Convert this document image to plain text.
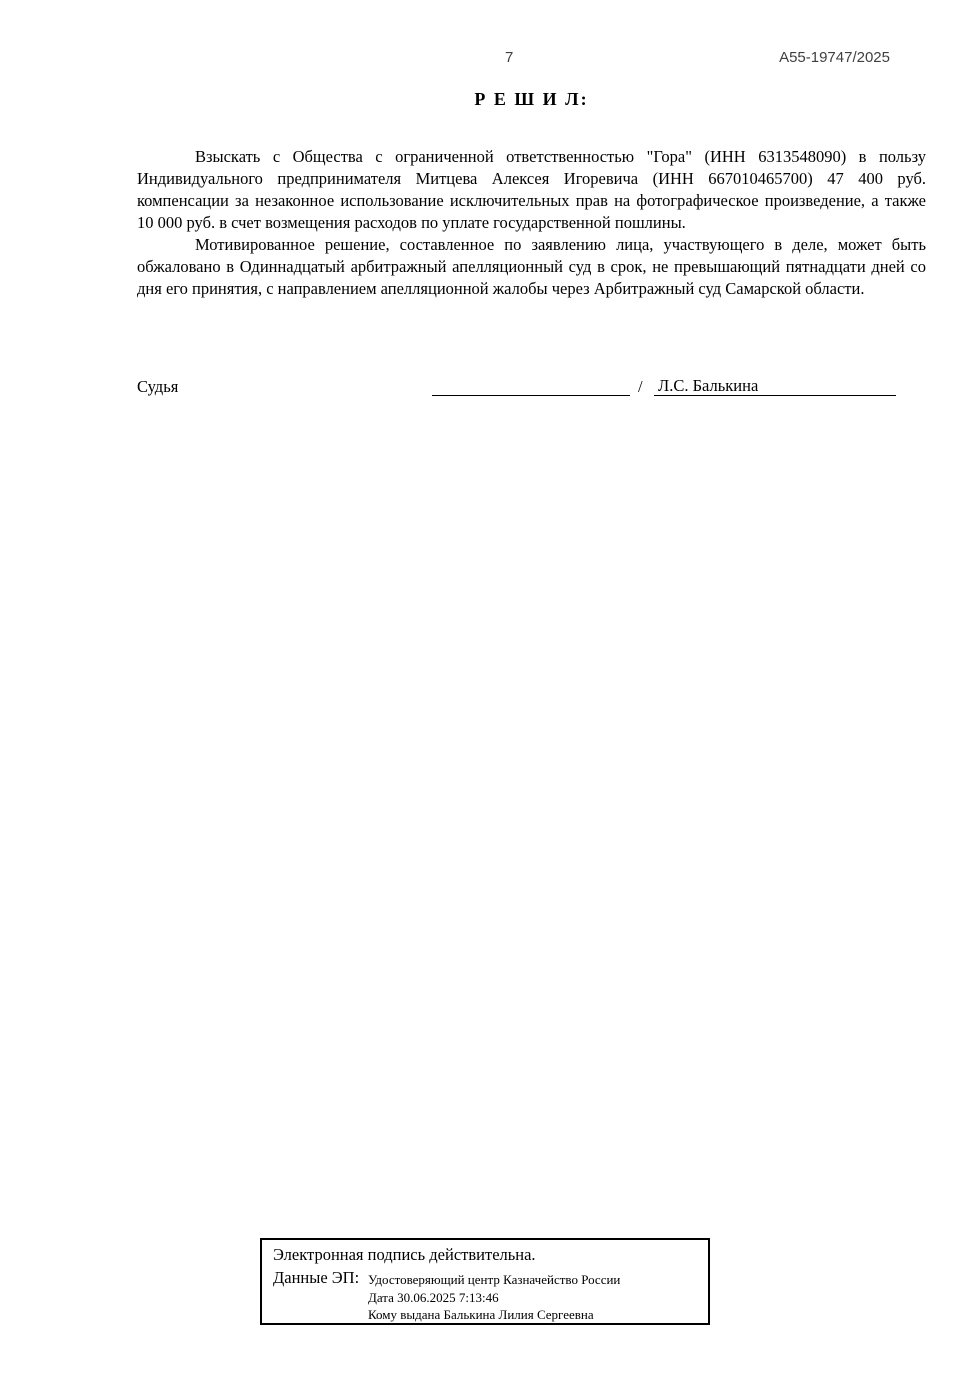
7	А55-19747/2025
Р Е Ш И Л:

Взыскать с Общества с ограниченной ответственностью "Гора" (ИНН 6313548090) в пользу Индивидуального предпринимателя Митцева Алексея Игоревича (ИНН 667010465700) 47 400 руб. компенсации за незаконное использование исключительных прав на фотографическое произведение, а также 10 000 руб. в счет возмещения расходов по уплате государственной пошлины.

Мотивированное решение, составленное по заявлению лица, участвующего в деле, может быть обжаловано в Одиннадцатый арбитражный апелляционный суд в срок, не превышающий пятнадцати дней со дня его принятия, с направлением апелляционной жалобы через Арбитражный суд Самарской области.

Судья	/ Л.С. Балькина
Электронная подпись действительна.
Данные ЭП: Удостоверяющий центр Казначейство России
Дата 30.06.2025 7:13:46
Кому выдана Балькина Лилия Сергеевна
